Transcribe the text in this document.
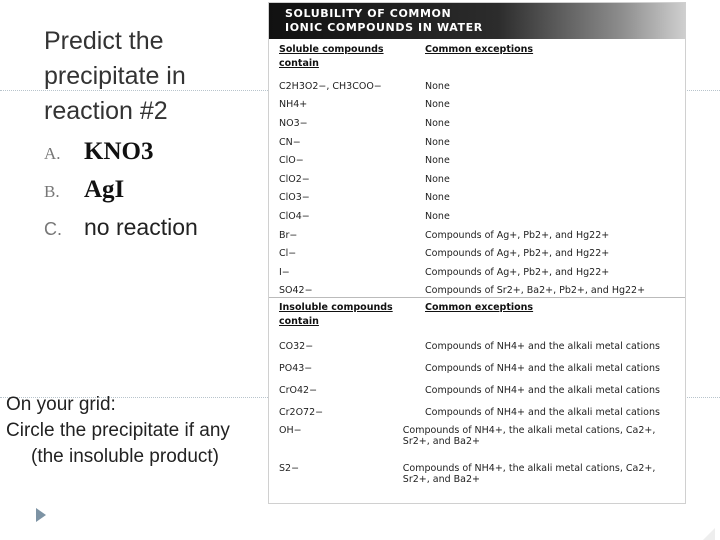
Predict the precipitate in reaction #2
A. KNO3
B. AgI
C. no reaction
On your grid:
Circle the precipitate if any
(the insoluble product)
SOLUBILITY OF COMMON
IONIC COMPOUNDS IN WATER
Soluble compounds contain
Common exceptions
C2H3O2−, CH3COO−	None
NH4+	None
NO3−	None
CN−	None
ClO−	None
ClO2−	None
ClO3−	None
ClO4−	None
Br−	Compounds of Ag+, Pb2+, and Hg22+
Cl−	Compounds of Ag+, Pb2+, and Hg22+
I−	Compounds of Ag+, Pb2+, and Hg22+
SO42−	Compounds of Sr2+, Ba2+, Pb2+, and Hg22+
Insoluble compounds contain
Common exceptions
CO32−	Compounds of NH4+ and the alkali metal cations
PO43−	Compounds of NH4+ and the alkali metal cations
CrO42−	Compounds of NH4+ and the alkali metal cations
Cr2O72−	Compounds of NH4+ and the alkali metal cations
OH−	Compounds of NH4+, the alkali metal cations, Ca2+, Sr2+, and Ba2+
S2−	Compounds of NH4+, the alkali metal cations, Ca2+, Sr2+, and Ba2+
